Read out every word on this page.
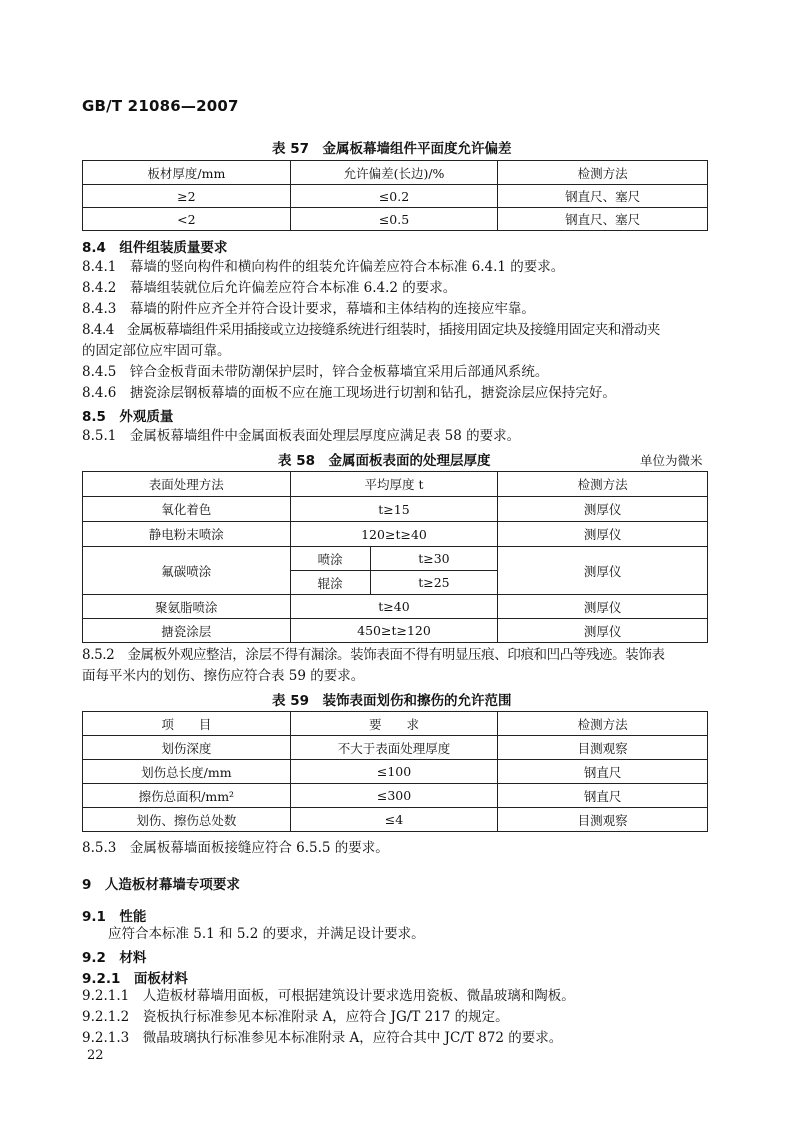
GB/T 21086—2007
表 57　金属板幕墙组件平面度允许偏差
板材厚度/mm	允许偏差(长边)/%	检测方法
≥2	≤0.2	钢直尺、塞尺
<2	≤0.5	钢直尺、塞尺
8.4　组件组装质量要求
8.4.1　幕墙的竖向构件和横向构件的组装允许偏差应符合本标准 6.4.1 的要求。
8.4.2　幕墙组装就位后允许偏差应符合本标准 6.4.2 的要求。
8.4.3　幕墙的附件应齐全并符合设计要求，幕墙和主体结构的连接应牢靠。
8.4.4　金属板幕墙组件采用插接或立边接缝系统进行组装时，插接用固定块及接缝用固定夹和滑动夹
的固定部位应牢固可靠。
8.4.5　锌合金板背面未带防潮保护层时，锌合金板幕墙宜采用后部通风系统。
8.4.6　搪瓷涂层钢板幕墙的面板不应在施工现场进行切割和钻孔，搪瓷涂层应保持完好。
8.5　外观质量
8.5.1　金属板幕墙组件中金属面板表面处理层厚度应满足表 58 的要求。
表 58　金属面板表面的处理层厚度	单位为微米
表面处理方法	平均厚度 t		检测方法
氧化着色	t≥15		测厚仪
静电粉末喷涂	120≥t≥40		测厚仪
氟碳喷涂	喷涂	t≥30	测厚仪
	辊涂	t≥25	
聚氨脂喷涂	t≥40		测厚仪
搪瓷涂层	450≥t≥120		测厚仪
8.5.2　金属板外观应整洁，涂层不得有漏涂。装饰表面不得有明显压痕、印痕和凹凸等残迹。装饰表
面每平米内的划伤、擦伤应符合表 59 的要求。
表 59　装饰表面划伤和擦伤的允许范围
项　　目	要　　求	检测方法
划伤深度	不大于表面处理厚度	目测观察
划伤总长度/mm	≤100	钢直尺
擦伤总面积/mm²	≤300	钢直尺
划伤、擦伤总处数	≤4	目测观察
8.5.3　金属板幕墙面板接缝应符合 6.5.5 的要求。
9　人造板材幕墙专项要求
9.1　性能
应符合本标准 5.1 和 5.2 的要求，并满足设计要求。
9.2　材料
9.2.1　面板材料
9.2.1.1　人造板材幕墙用面板，可根据建筑设计要求选用瓷板、微晶玻璃和陶板。
9.2.1.2　瓷板执行标准参见本标准附录 A，应符合 JG/T 217 的规定。
9.2.1.3　微晶玻璃执行标准参见本标准附录 A，应符合其中 JC/T 872 的要求。
22
